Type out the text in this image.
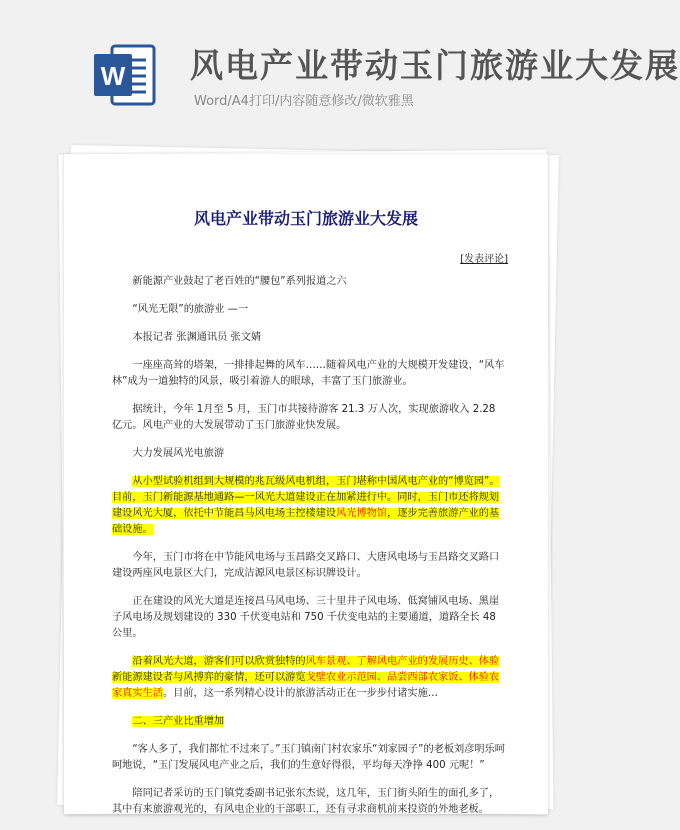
W 风电产业带动玉门旅游业大发展
Word/A4打印/内容随意修改/微软雅黑
风电产业带动玉门旅游业大发展
[发表评论]

新能源产业鼓起了老百姓的“腰包”系列报道之六

“风光无限”的旅游业 —一

本报记者 张渊通讯员 张文婧

一座座高耸的塔架，一排排起舞的风车……随着风电产业的大规模开发建设，“风车林”成为一道独特的风景，吸引着游人的眼球，丰富了玉门旅游业。

据统计，今年 1月至 5 月，玉门市共接待游客 21.3 万人次，实现旅游收入 2.28 亿元。风电产业的大发展带动了玉门旅游业快发展。

大力发展风光电旅游

从小型试验机组到大规模的兆瓦级风电机组，玉门堪称中国风电产业的“博览园”。目前，玉门新能源基地通路—一风光大道建设正在加紧进行中。同时，玉门市还将规划建设风光大厦，依托中节能昌马风电场主控楼建设风光博物馆，逐步完善旅游产业的基础设施。

今年，玉门市将在中节能风电场与玉昌路交叉路口、大唐风电场与玉昌路交叉路口建设两座风电景区大门，完成洁源风电景区标识牌设计。

正在建设的风光大道是连接昌马风电场、三十里井子风电场、低窝铺风电场、黑崖子风电场及规划建设的 330 千伏变电站和 750 千伏变电站的主要通道，道路全长 48 公里。

沿着风光大道，游客们可以欣赏独特的风车景观、了解风电产业的发展历史、体验新能源建设者与风搏弈的豪情，还可以游览戈壁农业示范园、品尝西部农家饭、体验农家真实生活。目前，这一系列精心设计的旅游活动正在一步步付诸实施…

二、三产业比重增加

“客人多了，我们都忙不过来了。”玉门镇南门村农家乐“刘家园子”的老板刘彦明乐呵呵地说，“玉门发展风电产业之后，我们的生意好得很，平均每天净挣 400 元呢！”

陪同记者采访的玉门镇党委副书记张东杰说，这几年，玉门街头陌生的面孔多了，其中有来旅游观光的，有风电企业的干部职工，还有寻求商机前来投资的外地老板。
